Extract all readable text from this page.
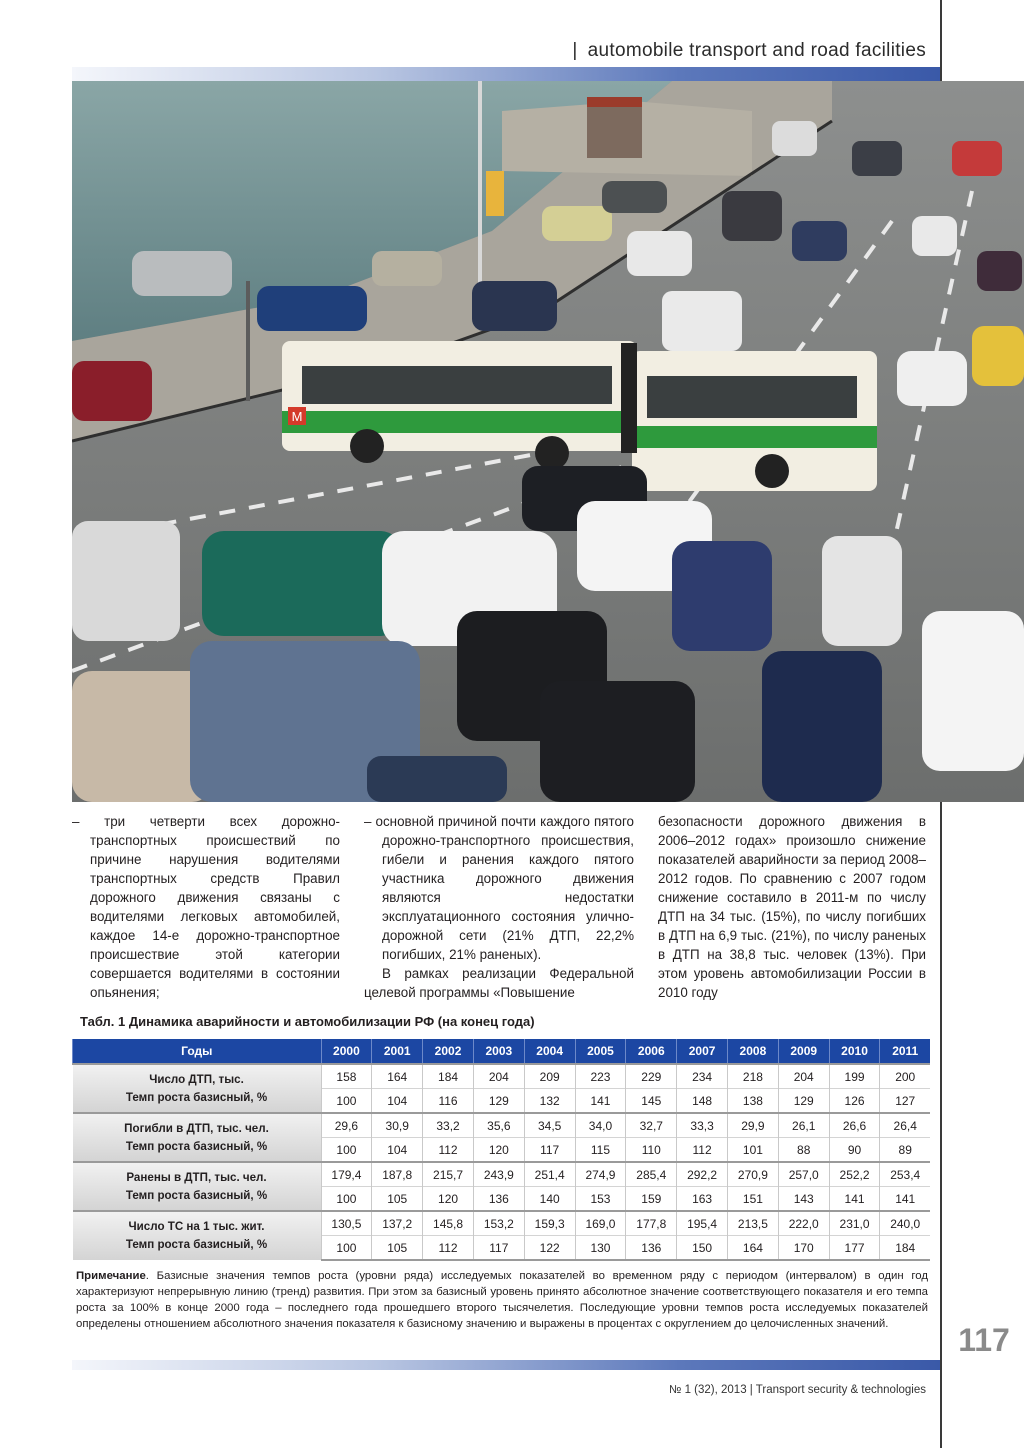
| automobile transport and road facilities
М

– три четверти всех дорожно-транспортных происшествий по причине нарушения водителями транспортных средств Правил дорожного движения связаны с водителями легковых автомобилей, каждое 14-е дорожно-транспортное происшествие этой категории совершается водителями в состоянии опьянения;

– основной причиной почти каждого пятого дорожно-транспортного происшествия, гибели и ранения каждого пятого участника дорожного движения являются недостатки эксплуатационного состояния улично-дорожной сети (21% ДТП, 22,2% погибших, 21% раненых).

В рамках реализации Федеральной целевой программы «Повышение

безопасности дорожного движения в 2006–2012 годах» произошло снижение показателей аварийности за период 2008–2012 годов. По сравнению с 2007 годом снижение составило в 2011-м по числу ДТП на 34 тыс. (15%), по числу погибших в ДТП на 6,9 тыс. (21%), по числу раненых в ДТП на 38,8 тыс. человек (13%). При этом уровень автомобилизации России в 2010 году

Табл. 1 Динамика аварийности и автомобилизации РФ (на конец года)
Годы	2000	2001	2002	2003	2004	2005	2006	2007	2008	2009	2010	2011

Число ДТП, тыс.
Темп роста базисный, %	158	164	184	204	209	223	229	234	218	204	199	200
	100	104	116	129	132	141	145	148	138	129	126	127

Погибли в ДТП, тыс. чел.
Темп роста базисный, %	29,6	30,9	33,2	35,6	34,5	34,0	32,7	33,3	29,9	26,1	26,6	26,4
	100	104	112	120	117	115	110	112	101	88	90	89

Ранены в ДТП, тыс. чел.
Темп роста базисный, %	179,4	187,8	215,7	243,9	251,4	274,9	285,4	292,2	270,9	257,0	252,2	253,4
	100	105	120	136	140	153	159	163	151	143	141	141

Число ТС на 1 тыс. жит.
Темп роста базисный, %	130,5	137,2	145,8	153,2	159,3	169,0	177,8	195,4	213,5	222,0	231,0	240,0
	100	105	112	117	122	130	136	150	164	170	177	184
Примечание. Базисные значения темпов роста (уровни ряда) исследуемых показателей во временном ряду с периодом (интервалом) в один год характеризуют непрерывную линию (тренд) развития. При этом за базисный уровень принято абсолютное значение соответствующего показателя и его темпа роста за 100% в конце 2000 года – последнего года прошедшего второго тысячелетия. Последующие уровни темпов роста исследуемых показателей определены отношением абсолютного значения показателя к базисному значению и выражены в процентах с округлением до целочисленных значений.	117
№ 1 (32), 2013 | Transport security & technologies
